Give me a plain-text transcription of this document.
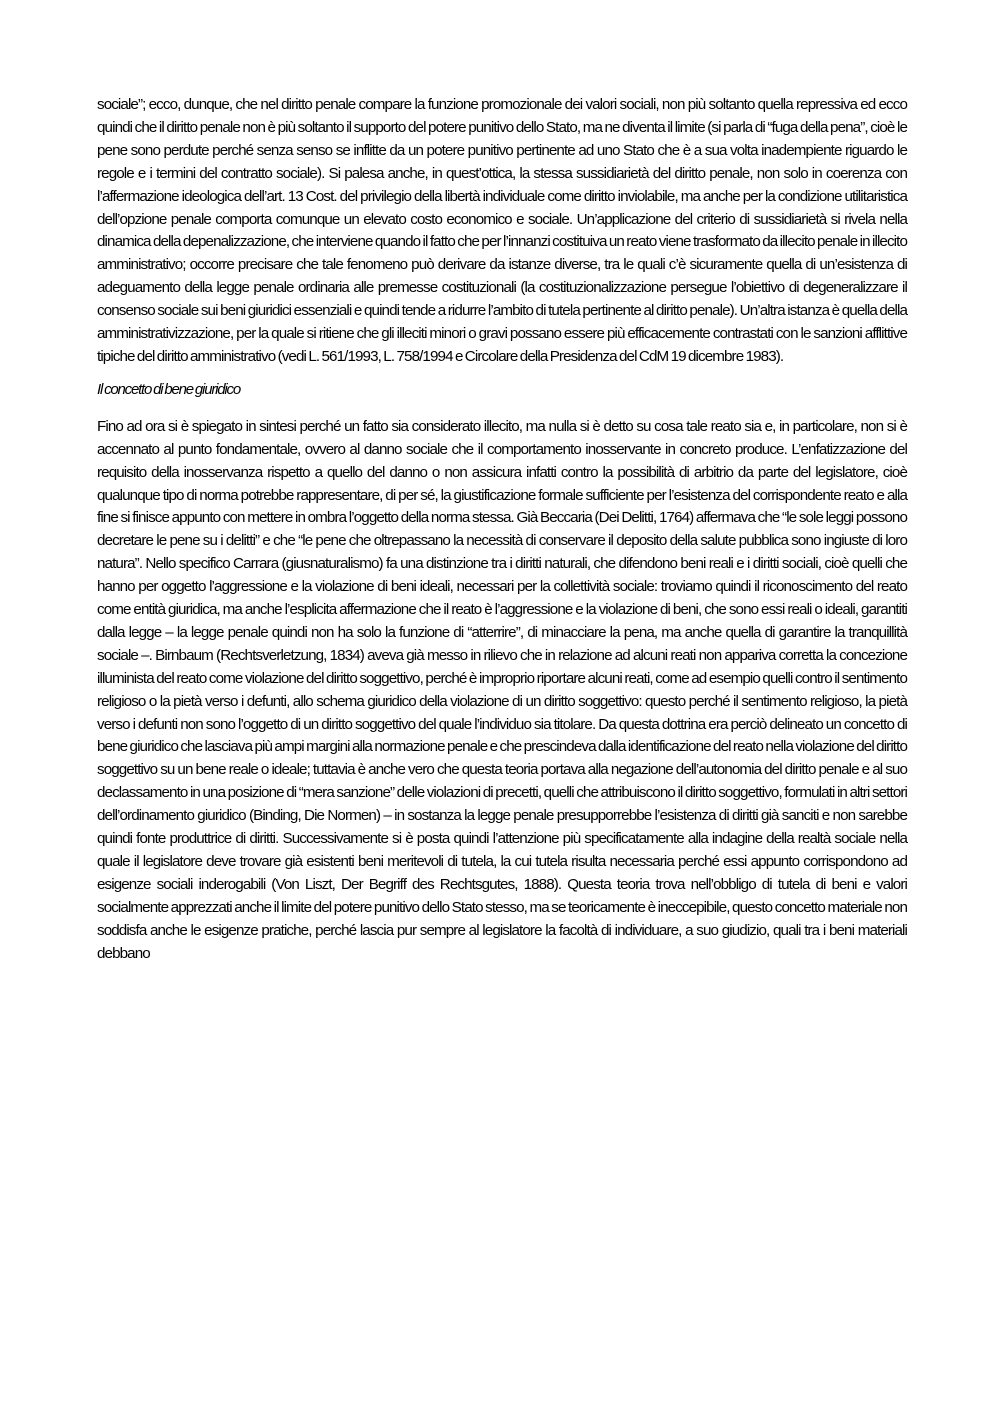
sociale”; ecco, dunque, che nel diritto penale compare la funzione promozionale dei valori sociali, non più soltanto quella repressiva ed ecco quindi che il diritto penale non è più soltanto il supporto del potere punitivo dello Stato, ma ne diventa il limite (si parla di “fuga della pena”, cioè le pene sono perdute perché senza senso se inflitte da un potere punitivo pertinente ad uno Stato che è a sua volta inadempiente riguardo le regole e i termini del contratto sociale). Si palesa anche, in quest’ottica, la stessa sussidiarietà del diritto penale, non solo in coerenza con l’affermazione ideologica dell’art. 13 Cost. del privilegio della libertà individuale come diritto inviolabile, ma anche per la condizione utilitaristica dell’opzione penale comporta comunque un elevato costo economico e sociale. Un’applicazione del criterio di sussidiarietà si rivela nella dinamica della depenalizzazione, che interviene quando il fatto che per l’innanzi costituiva un reato viene trasformato da illecito penale in illecito amministrativo; occorre precisare che tale fenomeno può derivare da istanze diverse, tra le quali c’è sicuramente quella di un’esistenza di adeguamento della legge penale ordinaria alle premesse costituzionali (la costituzionalizzazione persegue l’obiettivo di degeneralizzare il consenso sociale sui beni giuridici essenziali e quindi tende a ridurre l’ambito di tutela pertinente al diritto penale). Un’altra istanza è quella della amministrativizzazione, per la quale si ritiene che gli illeciti minori o gravi possano essere più efficacemente contrastati con le sanzioni afflittive tipiche del diritto amministrativo (vedi L. 561/1993, L. 758/1994 e Circolare della Presidenza del CdM 19 dicembre 1983).

Il concetto di bene giuridico

Fino ad ora si è spiegato in sintesi perché un fatto sia considerato illecito, ma nulla si è detto su cosa tale reato sia e, in particolare, non si è accennato al punto fondamentale, ovvero al danno sociale che il comportamento inosservante in concreto produce. L’enfatizzazione del requisito della inosservanza rispetto a quello del danno o non assicura infatti contro la possibilità di arbitrio da parte del legislatore, cioè qualunque tipo di norma potrebbe rappresentare, di per sé, la giustificazione formale sufficiente per l’esistenza del corrispondente reato e alla fine si finisce appunto con mettere in ombra l’oggetto della norma stessa. Già Beccaria (Dei Delitti, 1764) affermava che “le sole leggi possono decretare le pene su i delitti” e che “le pene che oltrepassano la necessità di conservare il deposito della salute pubblica sono ingiuste di loro natura”. Nello specifico Carrara (giusnaturalismo) fa una distinzione tra i diritti naturali, che difendono beni reali e i diritti sociali, cioè quelli che hanno per oggetto l’aggressione e la violazione di beni ideali, necessari per la collettività sociale: troviamo quindi il riconoscimento del reato come entità giuridica, ma anche l’esplicita affermazione che il reato è l’aggressione e la violazione di beni, che sono essi reali o ideali, garantiti dalla legge – la legge penale quindi non ha solo la funzione di “atterrire”, di minacciare la pena, ma anche quella di garantire la tranquillità sociale –. Birnbaum (Rechtsverletzung, 1834) aveva già messo in rilievo che in relazione ad alcuni reati non appariva corretta la concezione illuminista del reato come violazione del diritto soggettivo, perché è improprio riportare alcuni reati, come ad esempio quelli contro il sentimento religioso o la pietà verso i defunti, allo schema giuridico della violazione di un diritto soggettivo: questo perché il sentimento religioso, la pietà verso i defunti non sono l’oggetto di un diritto soggettivo del quale l’individuo sia titolare. Da questa dottrina era perciò delineato un concetto di bene giuridico che lasciava più ampi margini alla normazione penale e che prescindeva dalla identificazione del reato nella violazione del diritto soggettivo su un bene reale o ideale; tuttavia è anche vero che questa teoria portava alla negazione dell’autonomia del diritto penale e al suo declassamento in una posizione di “mera sanzione” delle violazioni di precetti, quelli che attribuiscono il diritto soggettivo, formulati in altri settori dell’ordinamento giuridico (Binding, Die Normen) – in sostanza la legge penale presupporrebbe l’esistenza di diritti già sanciti e non sarebbe quindi fonte produttrice di diritti. Successivamente si è posta quindi l’attenzione più specificatamente alla indagine della realtà sociale nella quale il legislatore deve trovare già esistenti beni meritevoli di tutela, la cui tutela risulta necessaria perché essi appunto corrispondono ad esigenze sociali inderogabili (Von Liszt, Der Begriff des Rechtsgutes, 1888). Questa teoria trova nell’obbligo di tutela di beni e valori socialmente apprezzati anche il limite del potere punitivo dello Stato stesso, ma se teoricamente è ineccepibile, questo concetto materiale non soddisfa anche le esigenze pratiche, perché lascia pur sempre al legislatore la facoltà di individuare, a suo giudizio, quali tra i beni materiali debbano
